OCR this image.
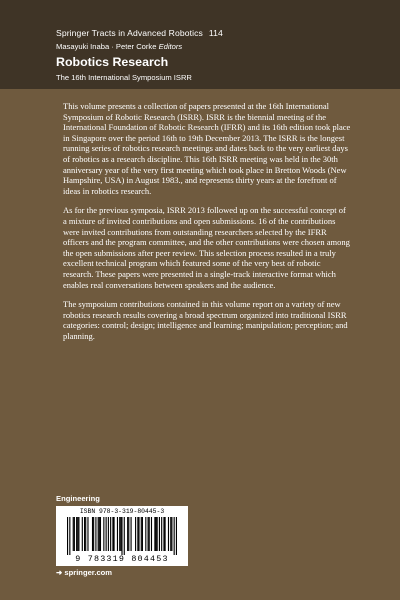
Springer Tracts in Advanced Robotics 114
Masayuki Inaba · Peter Corke Editors
Robotics Research
The 16th International Symposium ISRR

This volume presents a collection of papers presented at the 16th International Symposium of Robotic Research (ISRR). ISRR is the biennial meeting of the International Foundation of Robotic Research (IFRR) and its 16th edition took place in Singapore over the period 16th to 19th December 2013. The ISRR is the longest running series of robotics research meetings and dates back to the very earliest days of robotics as a research discipline. This 16th ISRR meeting was held in the 30th anniversary year of the very first meeting which took place in Bretton Woods (New Hampshire, USA) in August 1983., and represents thirty years at the forefront of ideas in robotics research.

As for the previous symposia, ISRR 2013 followed up on the successful concept of a mixture of invited contributions and open submissions. 16 of the contributions were invited contributions from outstanding researchers selected by the IFRR officers and the program committee, and the other contributions were chosen among the open submissions after peer review. This selection process resulted in a truly excellent technical program which featured some of the very best of robotic research. These papers were presented in a single-track interactive format which enables real conversations between speakers and the audience.

The symposium contributions contained in this volume report on a variety of new robotics research results covering a broad spectrum organized into traditional ISRR categories: control; design; intelligence and learning; manipulation; perception; and planning.

Engineering
ISBN 978-3-319-80445-3
9 783319 804453
➜ springer.com
